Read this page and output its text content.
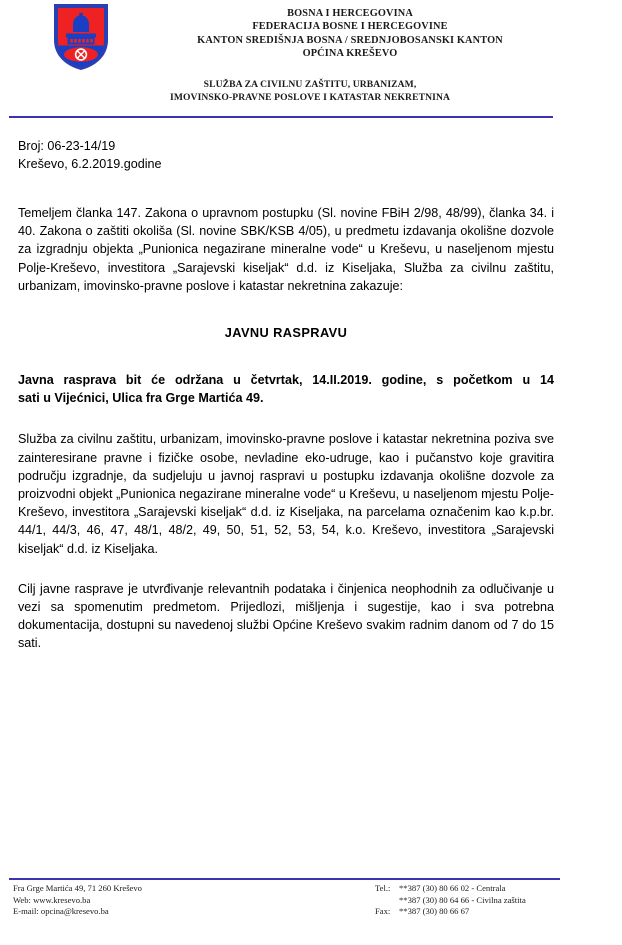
BOSNA I HERCEGOVINA
FEDERACIJA BOSNE I HERCEGOVINE
KANTON SREDIŠNJA BOSNA / SREDNJOBOSANSKI KANTON
OPĆINA KREŠEVO
SLUŽBA ZA CIVILNU ZAŠTITU, URBANIZAM,
IMOVINSKO-PRAVNE POSLOVE I KATASTAR NEKRETNINA
Broj: 06-23-14/19
Kreševo, 6.2.2019.godine
Temeljem članka 147. Zakona o upravnom postupku (Sl. novine FBiH 2/98, 48/99), članka 34. i 40. Zakona o zaštiti okoliša (Sl. novine SBK/KSB 4/05), u predmetu izdavanja okolišne dozvole za izgradnju objekta „Punionica negazirane mineralne vode“ u Kreševu, u naseljenom mjestu Polje-Kreševo, investitora „Sarajevski kiseljak“ d.d. iz Kiseljaka, Služba za civilnu zaštitu, urbanizam, imovinsko-pravne poslove i katastar nekretnina zakazuje:
JAVNU RASPRAVU
Javna rasprava bit će održana u četvrtak, 14.II.2019. godine, s početkom u 14
sati u Vijećnici, Ulica fra Grge Martića 49.
Služba za civilnu zaštitu, urbanizam, imovinsko-pravne poslove i katastar nekretnina poziva sve zainteresirane pravne i fizičke osobe, nevladine eko-udruge, kao i pučanstvo koje gravitira području izgradnje, da sudjeluju u javnoj raspravi u postupku izdavanja okolišne dozvole za proizvodni objekt „Punionica negazirane mineralne vode“ u Kreševu, u naseljenom mjestu Polje-Kreševo, investitora „Sarajevski kiseljak“ d.d. iz Kiseljaka, na parcelama označenim kao k.p.br. 44/1, 44/3, 46, 47, 48/1, 48/2, 49, 50, 51, 52, 53, 54, k.o. Kreševo, investitora „Sarajevski kiseljak“ d.d. iz Kiseljaka.
Cilj javne rasprave je utvrđivanje relevantnih podataka i činjenica neophodnih za odlučivanje u vezi sa spomenutim predmetom. Prijedlozi, mišljenja i sugestije, kao i sva potrebna dokumentacija, dostupni su navedenoj službi Općine Kreševo svakim radnim danom od 7 do 15 sati.
Fra Grge Martića 49, 71 260 Kreševo
Web: www.kresevo.ba
E-mail: opcina@kresevo.ba
Tel.: **387 (30) 80 66 02 - Centrala
**387 (30) 80 64 66 - Civilna zaštita
Fax: **387 (30) 80 66 67
